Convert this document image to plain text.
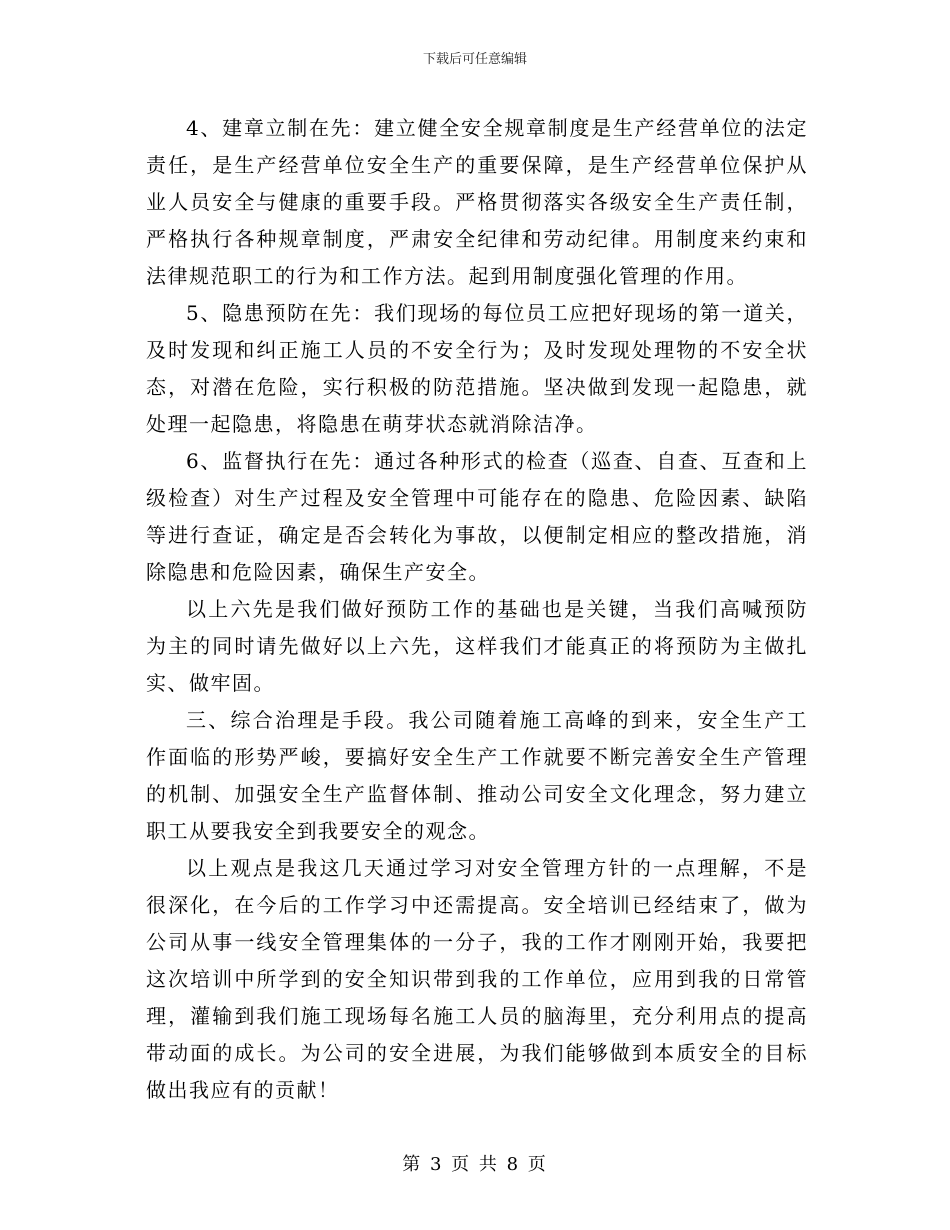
下载后可任意编辑

4、建章立制在先：建立健全安全规章制度是生产经营单位的法定责任，是生产经营单位安全生产的重要保障，是生产经营单位保护从业人员安全与健康的重要手段。严格贯彻落实各级安全生产责任制，严格执行各种规章制度，严肃安全纪律和劳动纪律。用制度来约束和法律规范职工的行为和工作方法。起到用制度强化管理的作用。

5、隐患预防在先：我们现场的每位员工应把好现场的第一道关，及时发现和纠正施工人员的不安全行为；及时发现处理物的不安全状态，对潜在危险，实行积极的防范措施。坚决做到发现一起隐患，就处理一起隐患，将隐患在萌芽状态就消除洁净。

6、监督执行在先：通过各种形式的检查（巡查、自查、互查和上级检查）对生产过程及安全管理中可能存在的隐患、危险因素、缺陷等进行查证，确定是否会转化为事故，以便制定相应的整改措施，消除隐患和危险因素，确保生产安全。

以上六先是我们做好预防工作的基础也是关键，当我们高喊预防为主的同时请先做好以上六先，这样我们才能真正的将预防为主做扎实、做牢固。

三、综合治理是手段。我公司随着施工高峰的到来，安全生产工作面临的形势严峻，要搞好安全生产工作就要不断完善安全生产管理的机制、加强安全生产监督体制、推动公司安全文化理念，努力建立职工从要我安全到我要安全的观念。

以上观点是我这几天通过学习对安全管理方针的一点理解，不是很深化，在今后的工作学习中还需提高。安全培训已经结束了，做为公司从事一线安全管理集体的一分子，我的工作才刚刚开始，我要把这次培训中所学到的安全知识带到我的工作单位，应用到我的日常管理，灌输到我们施工现场每名施工人员的脑海里，充分利用点的提高带动面的成长。为公司的安全进展，为我们能够做到本质安全的目标做出我应有的贡献！

第 3 页 共 8 页
